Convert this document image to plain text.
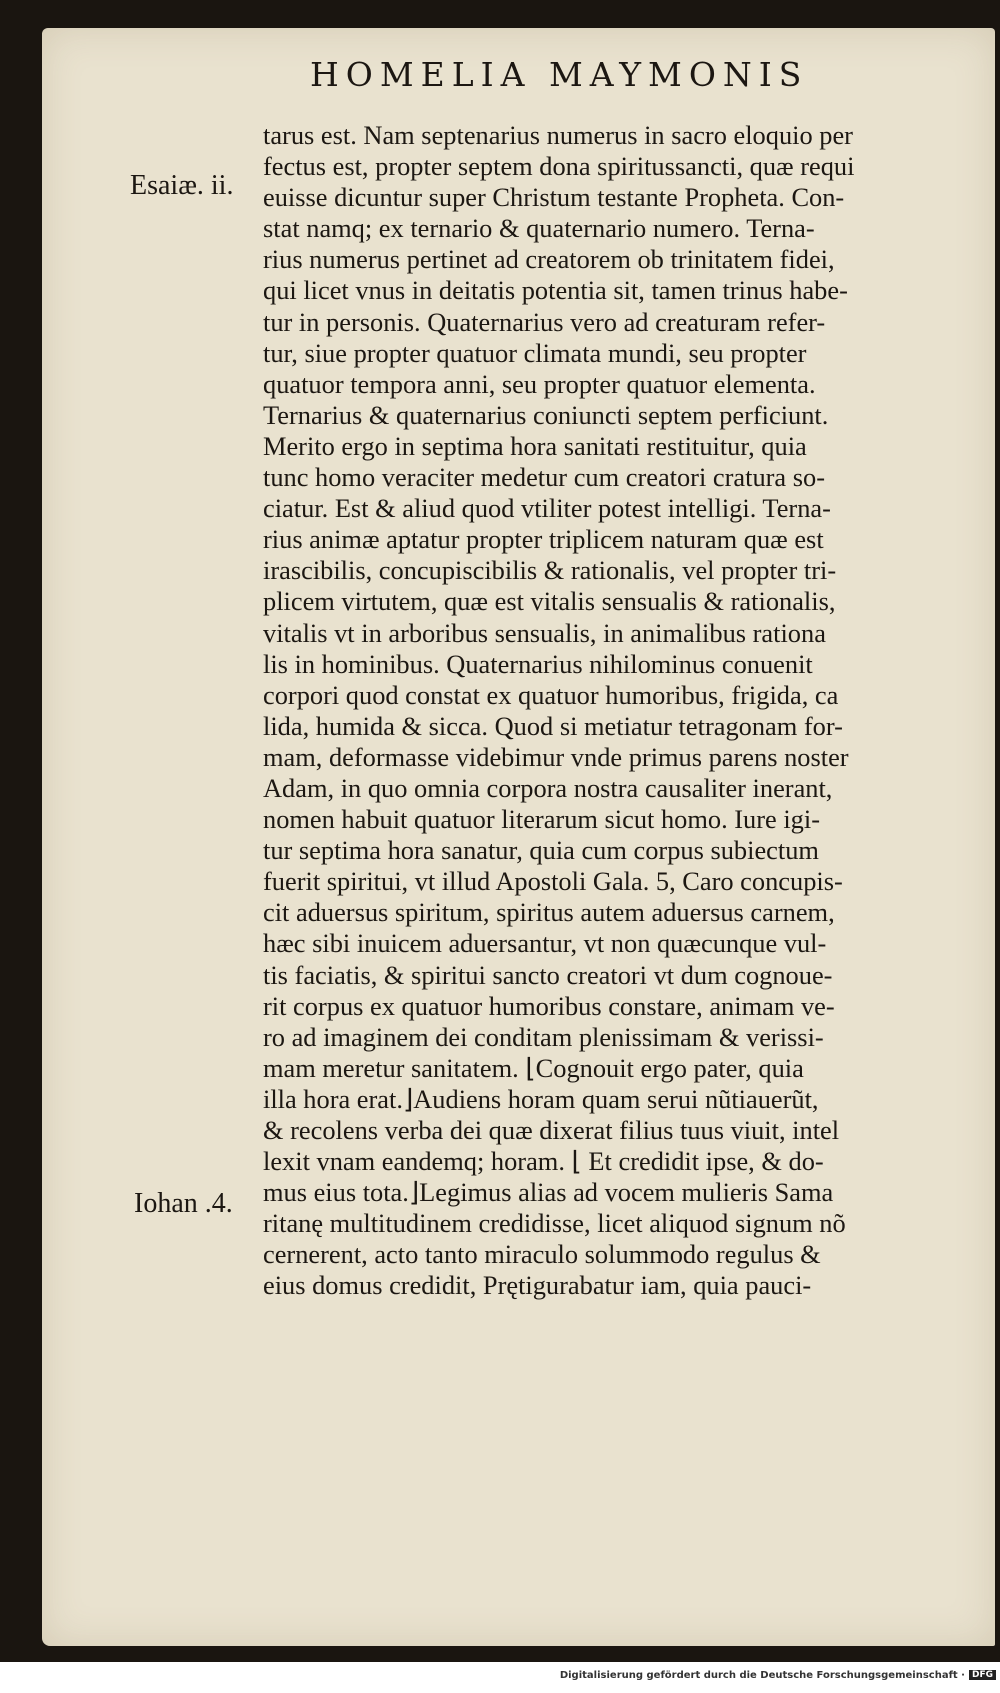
HOMELIA MAYMONIS
Esaiæ. ii.
Iohan .4.
tarus est. Nam septenarius numerus in sacro eloquio per
fectus est, propter septem dona spiritussancti, quæ requi
euisse dicuntur super Christum testante Propheta. Con-
stat namq; ex ternario & quaternario numero. Terna-
rius numerus pertinet ad creatorem ob trinitatem fidei,
qui licet vnus in deitatis potentia sit, tamen trinus habe-
tur in personis. Quaternarius vero ad creaturam refer-
tur, siue propter quatuor climata mundi, seu propter
quatuor tempora anni, seu propter quatuor elementa.
Ternarius & quaternarius coniuncti septem perficiunt.
Merito ergo in septima hora sanitati restituitur, quia
tunc homo veraciter medetur cum creatori cratura so-
ciatur. Est & aliud quod vtiliter potest intelligi. Terna-
rius animæ aptatur propter triplicem naturam quæ est
irascibilis, concupiscibilis & rationalis, vel propter tri-
plicem virtutem, quæ est vitalis sensualis & rationalis,
vitalis vt in arboribus sensualis, in animalibus rationa
lis in hominibus. Quaternarius nihilominus conuenit
corpori quod constat ex quatuor humoribus, frigida, ca
lida, humida & sicca. Quod si metiatur tetragonam for-
mam, deformasse videbimur vnde primus parens noster
Adam, in quo omnia corpora nostra causaliter inerant,
nomen habuit quatuor literarum sicut homo. Iure igi-
tur septima hora sanatur, quia cum corpus subiectum
fuerit spiritui, vt illud Apostoli Gala. 5, Caro concupis-
cit aduersus spiritum, spiritus autem aduersus carnem,
hæc sibi inuicem aduersantur, vt non quæcunque vul-
tis faciatis, & spiritui sancto creatori vt dum cognoue-
rit corpus ex quatuor humoribus constare, animam ve-
ro ad imaginem dei conditam plenissimam & verissi-
mam meretur sanitatem. ⌊Cognouit ergo pater, quia
illa hora erat.⌋Audiens horam quam serui nũtiauerũt,
& recolens verba dei quæ dixerat filius tuus viuit, intel
lexit vnam eandemq; horam. ⌊ Et credidit ipse, & do-
mus eius tota.⌋Legimus alias ad vocem mulieris Sama
ritanę multitudinem credidisse, licet aliquod signum nõ
cernerent, acto tanto miraculo solummodo regulus &
eius domus credidit, Prętigurabatur iam, quia pauci-
Digitalisierung gefördert durch die Deutsche Forschungsgemeinschaft · DFG
